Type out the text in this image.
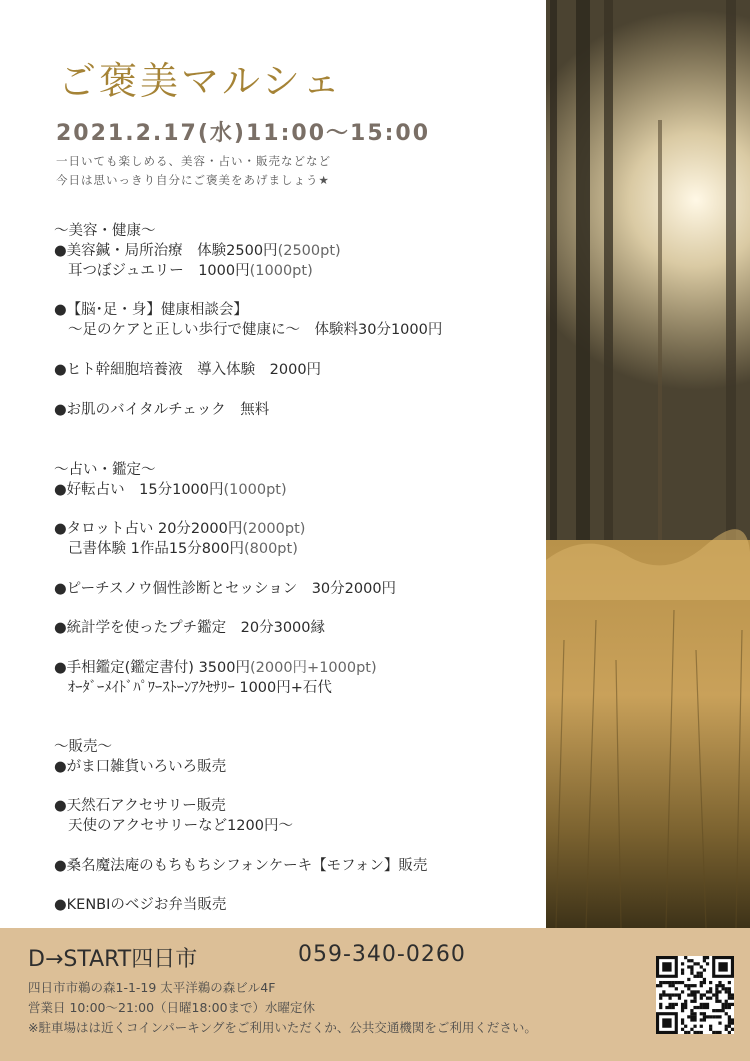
ご褒美マルシェ
2021.2.17(水)11:00～15:00
一日いても楽しめる、美容・占い・販売などなど
今日は思いっきり自分にご褒美をあげましょう★
～美容・健康～
●美容鍼・局所治療　体験2500円(2500pt)
耳つぼジュエリー　1000円(1000pt)
●【脳･足・身】健康相談会】
～足のケアと正しい歩行で健康に～　体験料30分1000円
●ヒト幹細胞培養液　導入体験　2000円
●お肌のバイタルチェック　無料
～占い・鑑定～
●好転占い　15分1000円(1000pt)
●タロット占い 20分2000円(2000pt)
己書体験 1作品15分800円(800pt)
●ピーチスノウ個性診断とセッション　30分2000円
●統計学を使ったプチ鑑定　20分3000縁
●手相鑑定(鑑定書付) 3500円(2000円+1000pt)
ｵｰﾀﾞｰﾒｲﾄﾞﾊﾟﾜｰｽﾄｰﾝｱｸｾｻﾘｰ 1000円+石代
～販売～
●がま口雑貨いろいろ販売
●天然石アクセサリー販売
天使のアクセサリーなど1200円～
●桑名魔法庵のもちもちシフォンケーキ【モフォン】販売
●KENBIのベジお弁当販売
D→START四日市	059-340-0260
四日市市鵜の森1-1-19 太平洋鵜の森ビル4F
営業日 10:00～21:00（日曜18:00まで）水曜定休
※駐車場はは近くコインパーキングをご利用いただくか、公共交通機関をご利用ください。
